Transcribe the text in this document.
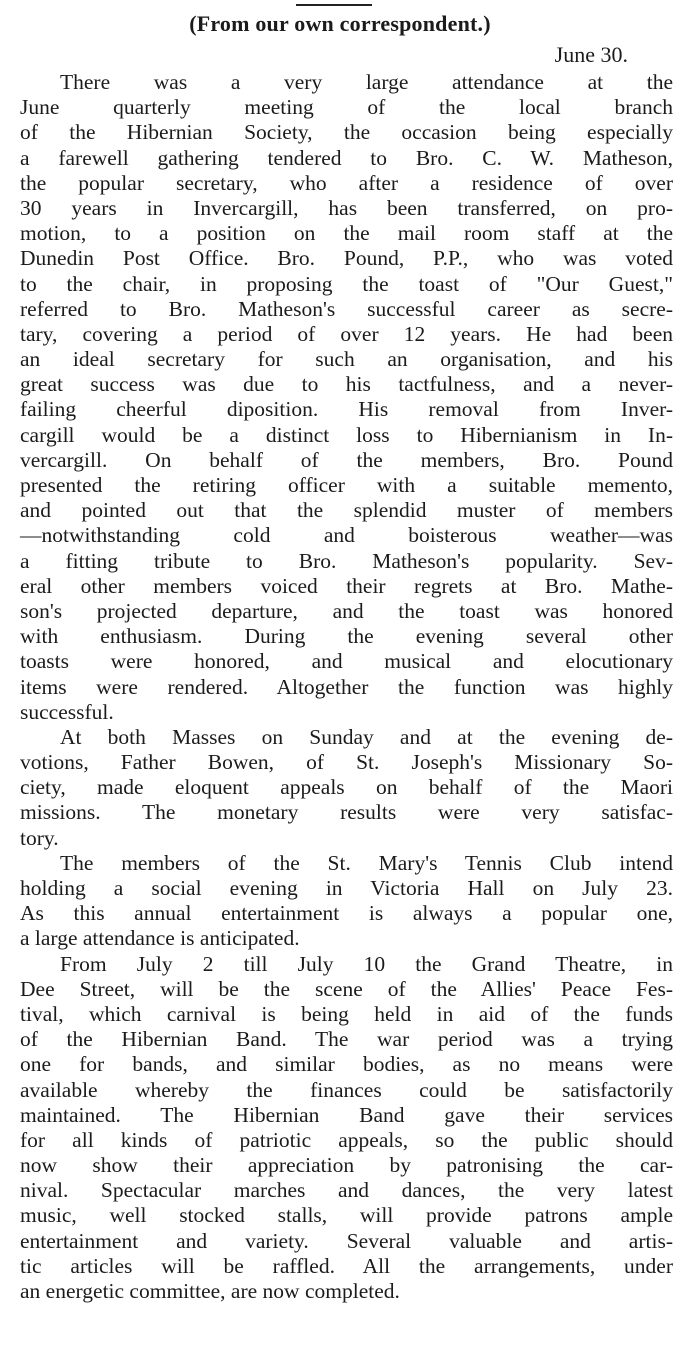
(From our own correspondent.)
June 30.
There was a very large attendance at the
June quarterly meeting of the local branch
of the Hibernian Society, the occasion being especially
a farewell gathering tendered to Bro. C. W. Matheson,
the popular secretary, who after a residence of over
30 years in Invercargill, has been transferred, on pro-
motion, to a position on the mail room staff at the
Dunedin Post Office. Bro. Pound, P.P., who was voted
to the chair, in proposing the toast of "Our Guest,"
referred to Bro. Matheson's successful career as secre-
tary, covering a period of over 12 years. He had been
an ideal secretary for such an organisation, and his
great success was due to his tactfulness, and a never-
failing cheerful diposition. His removal from Inver-
cargill would be a distinct loss to Hibernianism in In-
vercargill. On behalf of the members, Bro. Pound
presented the retiring officer with a suitable memento,
and pointed out that the splendid muster of members
—notwithstanding cold and boisterous weather—was
a fitting tribute to Bro. Matheson's popularity. Sev-
eral other members voiced their regrets at Bro. Mathe-
son's projected departure, and the toast was honored
with enthusiasm. During the evening several other
toasts were honored, and musical and elocutionary
items were rendered. Altogether the function was highly
successful.
At both Masses on Sunday and at the evening de-
votions, Father Bowen, of St. Joseph's Missionary So-
ciety, made eloquent appeals on behalf of the Maori
missions. The monetary results were very satisfac-
tory.
The members of the St. Mary's Tennis Club intend
holding a social evening in Victoria Hall on July 23.
As this annual entertainment is always a popular one,
a large attendance is anticipated.
From July 2 till July 10 the Grand Theatre, in
Dee Street, will be the scene of the Allies' Peace Fes-
tival, which carnival is being held in aid of the funds
of the Hibernian Band. The war period was a trying
one for bands, and similar bodies, as no means were
available whereby the finances could be satisfactorily
maintained. The Hibernian Band gave their services
for all kinds of patriotic appeals, so the public should
now show their appreciation by patronising the car-
nival. Spectacular marches and dances, the very latest
music, well stocked stalls, will provide patrons ample
entertainment and variety. Several valuable and artis-
tic articles will be raffled. All the arrangements, under
an energetic committee, are now completed.
